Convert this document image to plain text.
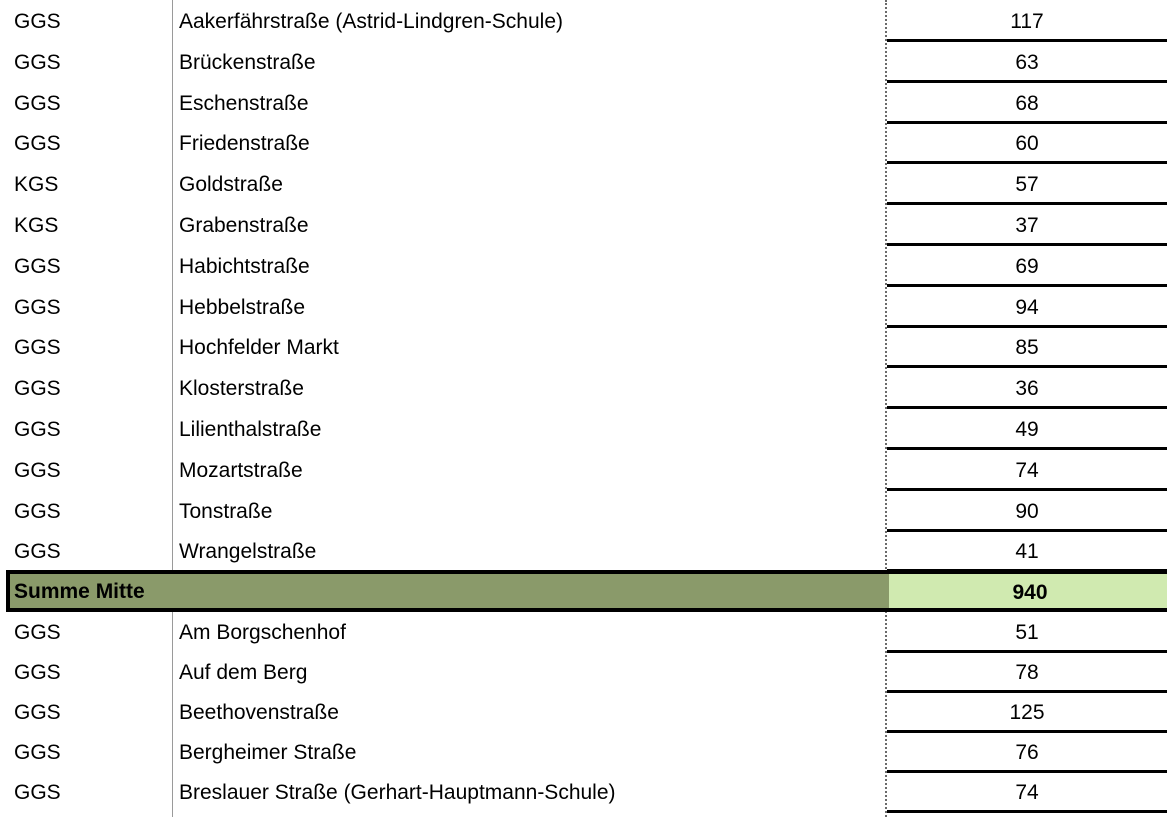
GGS	Aakerfährstraße (Astrid-Lindgren-Schule)	117
GGS	Brückenstraße	63
GGS	Eschenstraße	68
GGS	Friedenstraße	60
KGS	Goldstraße	57
KGS	Grabenstraße	37
GGS	Habichtstraße	69
GGS	Hebbelstraße	94
GGS	Hochfelder Markt	85
GGS	Klosterstraße	36
GGS	Lilienthalstraße	49
GGS	Mozartstraße	74
GGS	Tonstraße	90
GGS	Wrangelstraße	41
Summe Mitte	940
GGS	Am Borgschenhof	51
GGS	Auf dem Berg	78
GGS	Beethovenstraße	125
GGS	Bergheimer Straße	76
GGS	Breslauer Straße (Gerhart-Hauptmann-Schule)	74
